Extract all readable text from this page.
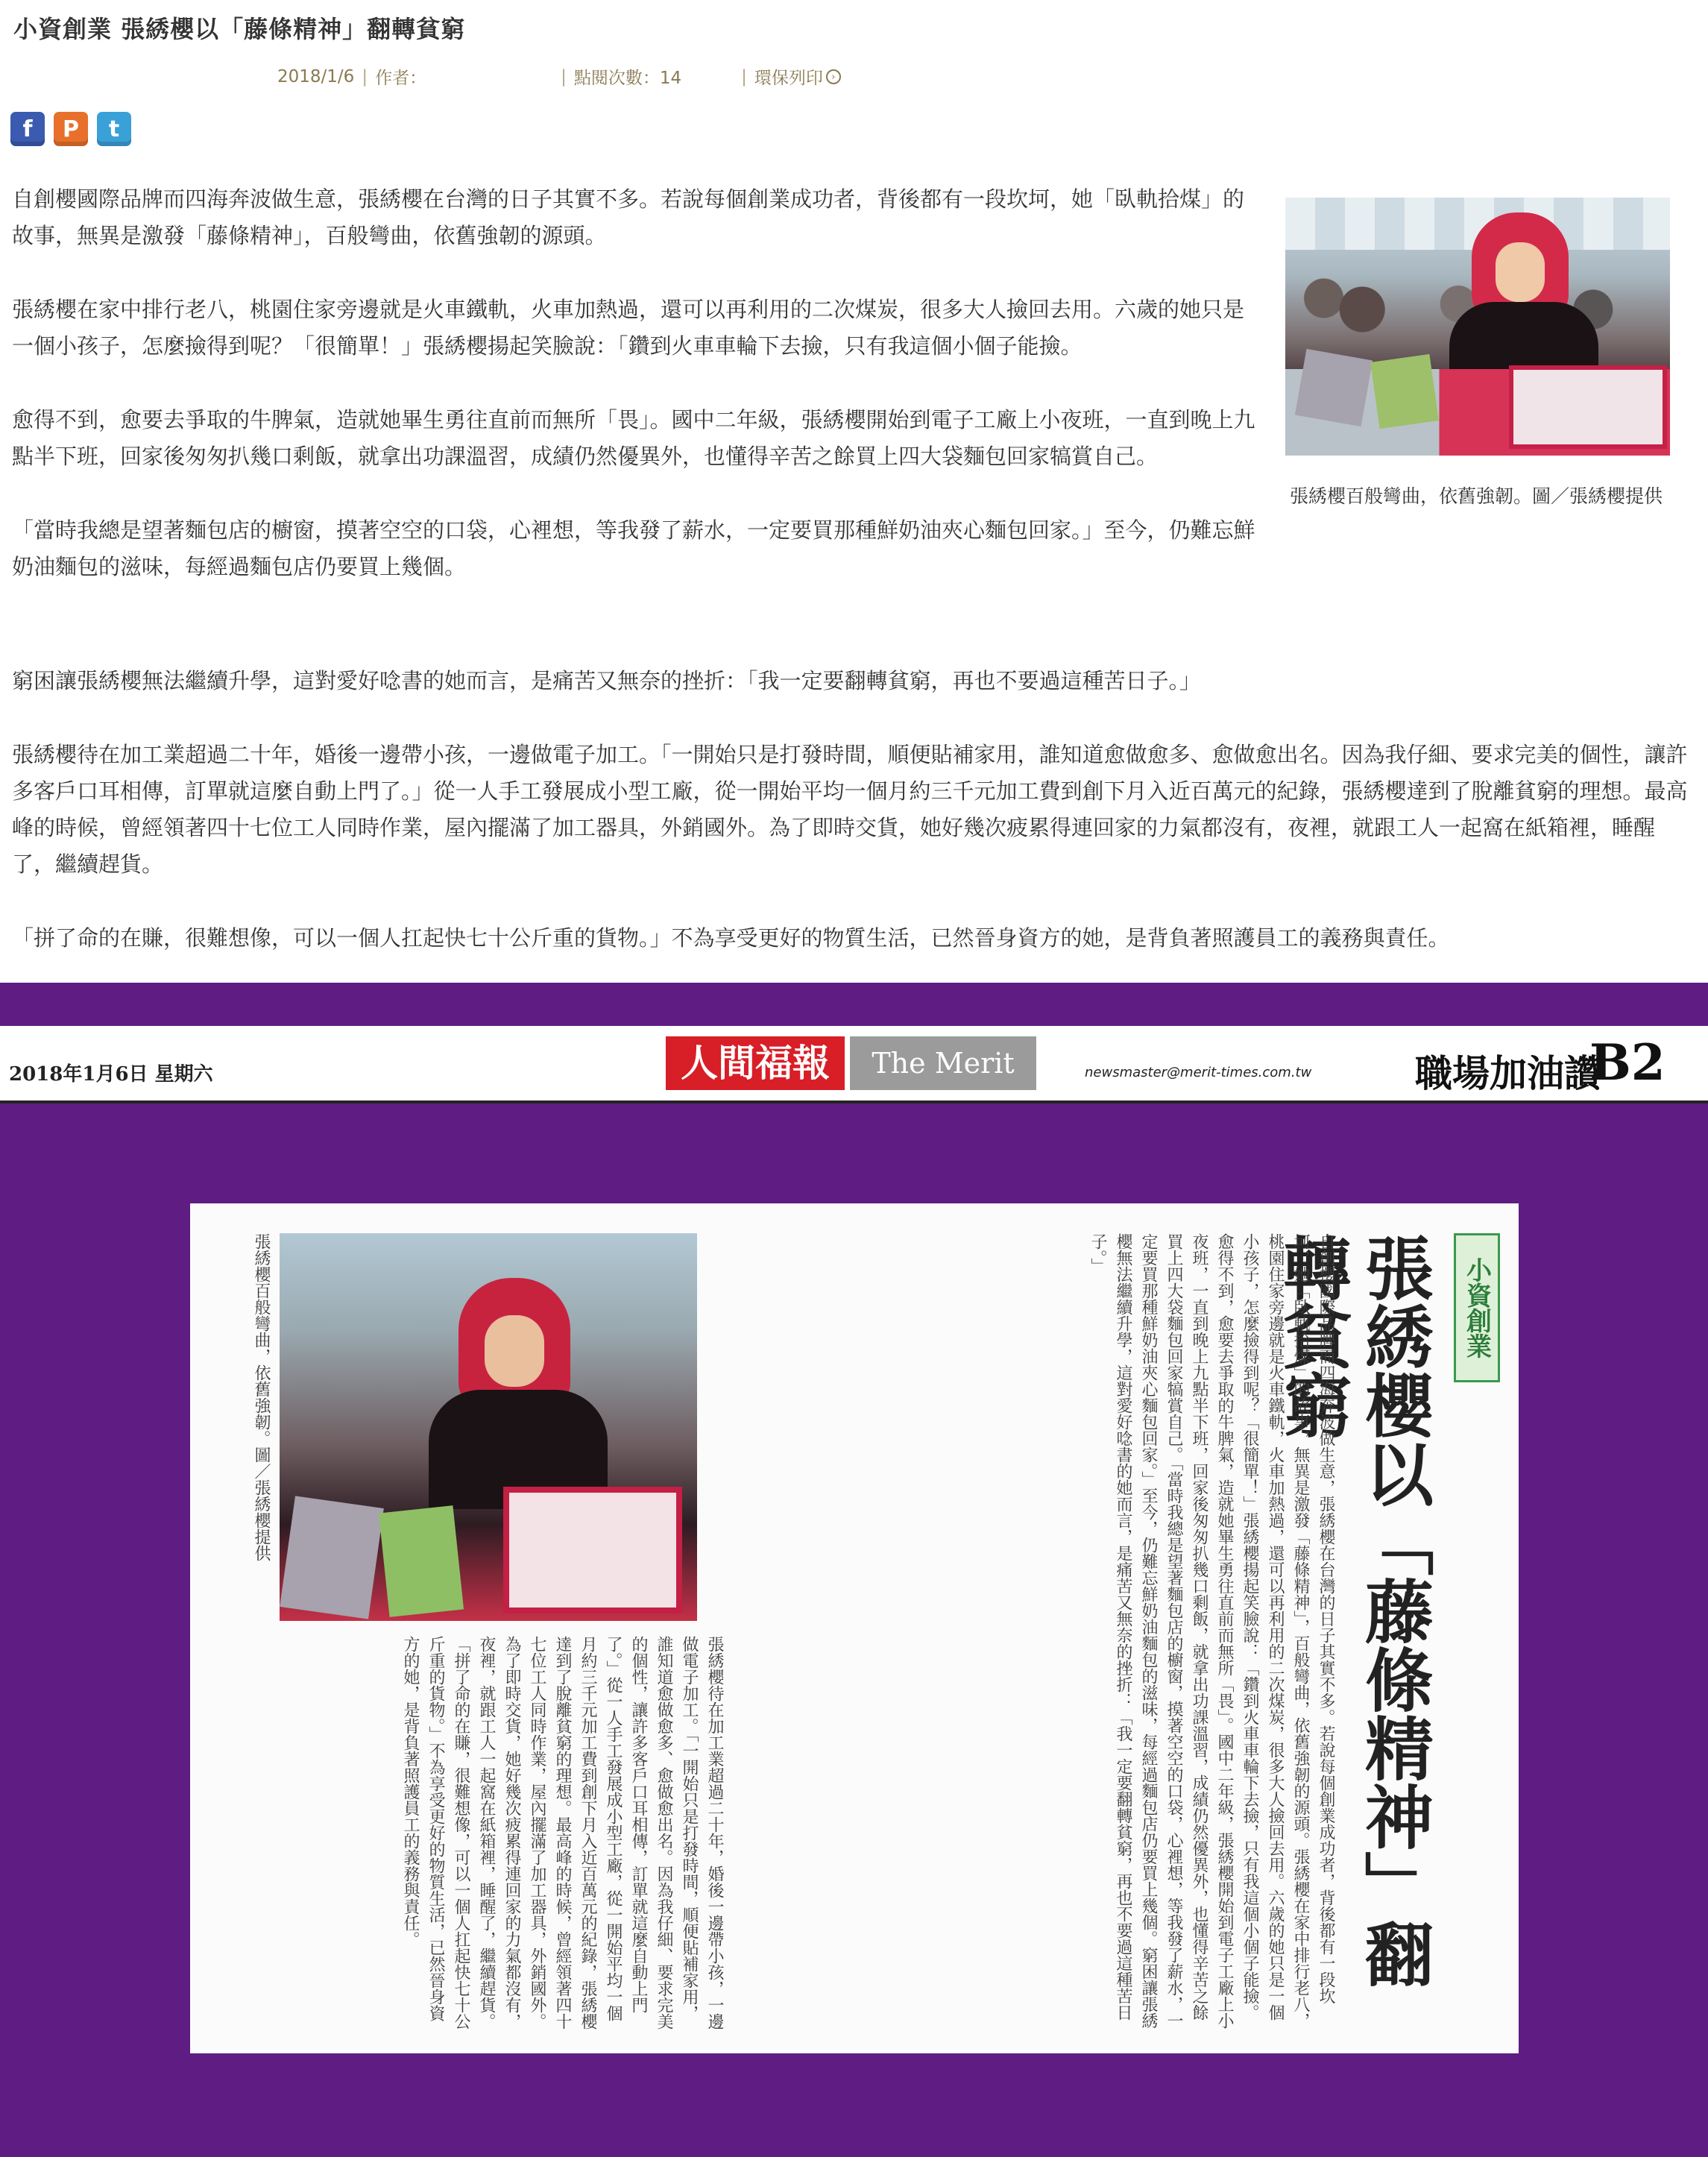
小資創業 張綉櫻以「藤條精神」翻轉貧窮
2018/1/6 | 作者：	| 點閱次數：14	| 環保列印 ›
f	P	t

自創櫻國際品牌而四海奔波做生意，張綉櫻在台灣的日子其實不多。若說每個創業成功者，背後都有一段坎坷，她「臥軌拾煤」的故事，無異是激發「藤條精神」，百般彎曲，依舊強韌的源頭。

張綉櫻在家中排行老八，桃園住家旁邊就是火車鐵軌，火車加熱過，還可以再利用的二次煤炭，很多大人撿回去用。六歲的她只是一個小孩子，怎麼撿得到呢？「很簡單！」張綉櫻揚起笑臉說：「鑽到火車車輪下去撿，只有我這個小個子能撿。

愈得不到，愈要去爭取的牛脾氣，造就她畢生勇往直前而無所「畏」。國中二年級，張綉櫻開始到電子工廠上小夜班，一直到晚上九點半下班，回家後匆匆扒幾口剩飯，就拿出功課溫習，成績仍然優異外，也懂得辛苦之餘買上四大袋麵包回家犒賞自己。

「當時我總是望著麵包店的櫥窗，摸著空空的口袋，心裡想，等我發了薪水，一定要買那種鮮奶油夾心麵包回家。」至今，仍難忘鮮奶油麵包的滋味，每經過麵包店仍要買上幾個。

窮困讓張綉櫻無法繼續升學，這對愛好唸書的她而言，是痛苦又無奈的挫折：「我一定要翻轉貧窮，再也不要過這種苦日子。」

張綉櫻待在加工業超過二十年，婚後一邊帶小孩，一邊做電子加工。「一開始只是打發時間，順便貼補家用，誰知道愈做愈多、愈做愈出名。因為我仔細、要求完美的個性，讓許多客戶口耳相傳，訂單就這麼自動上門了。」從一人手工發展成小型工廠，從一開始平均一個月約三千元加工費到創下月入近百萬元的紀錄，張綉櫻達到了脫離貧窮的理想。最高峰的時候，曾經領著四十七位工人同時作業，屋內擺滿了加工器具，外銷國外。為了即時交貨，她好幾次疲累得連回家的力氣都沒有，夜裡，就跟工人一起窩在紙箱裡，睡醒了，繼續趕貨。

「拼了命的在賺，很難想像，可以一個人扛起快七十公斤重的貨物。」不為享受更好的物質生活，已然晉身資方的她，是背負著照護員工的義務與責任。

張綉櫻百般彎曲，依舊強韌。圖／張綉櫻提供
2018年1月6日 星期六	人間福報	The Merit	newsmaster@merit-times.com.tw	職場加油讚
B2
小資創業
張綉櫻以「藤條精神」翻轉貧窮
自創櫻國際品牌而四海奔波做生意，張綉櫻在台灣的日子其實不多。若說每個創業成功者，背後都有一段坎坷，她「臥軌拾煤」的故事，無異是激發「藤條精神」，百般彎曲，依舊強韌的源頭。張綉櫻在家中排行老八，桃園住家旁邊就是火車鐵軌，火車加熱過，還可以再利用的二次煤炭，很多大人撿回去用。六歲的她只是一個小孩子，怎麼撿得到呢？「很簡單！」張綉櫻揚起笑臉說：「鑽到火車車輪下去撿，只有我這個小個子能撿。愈得不到，愈要去爭取的牛脾氣，造就她畢生勇往直前而無所「畏」。國中二年級，張綉櫻開始到電子工廠上小夜班，一直到晚上九點半下班，回家後匆匆扒幾口剩飯，就拿出功課溫習，成績仍然優異外，也懂得辛苦之餘買上四大袋麵包回家犒賞自己。「當時我總是望著麵包店的櫥窗，摸著空空的口袋，心裡想，等我發了薪水，一定要買那種鮮奶油夾心麵包回家。」至今，仍難忘鮮奶油麵包的滋味，每經過麵包店仍要買上幾個。窮困讓張綉櫻無法繼續升學，這對愛好唸書的她而言，是痛苦又無奈的挫折：「我一定要翻轉貧窮，再也不要過這種苦日子。」
張綉櫻百般彎曲，依舊強韌。圖／張綉櫻提供
張綉櫻待在加工業超過二十年，婚後一邊帶小孩，一邊做電子加工。「一開始只是打發時間，順便貼補家用，誰知道愈做愈多、愈做愈出名。因為我仔細、要求完美的個性，讓許多客戶口耳相傳，訂單就這麼自動上門了。」從一人手工發展成小型工廠，從一開始平均一個月約三千元加工費到創下月入近百萬元的紀錄，張綉櫻達到了脫離貧窮的理想。最高峰的時候，曾經領著四十七位工人同時作業，屋內擺滿了加工器具，外銷國外。為了即時交貨，她好幾次疲累得連回家的力氣都沒有，夜裡，就跟工人一起窩在紙箱裡，睡醒了，繼續趕貨。「拼了命的在賺，很難想像，可以一個人扛起快七十公斤重的貨物。」不為享受更好的物質生活，已然晉身資方的她，是背負著照護員工的義務與責任。
